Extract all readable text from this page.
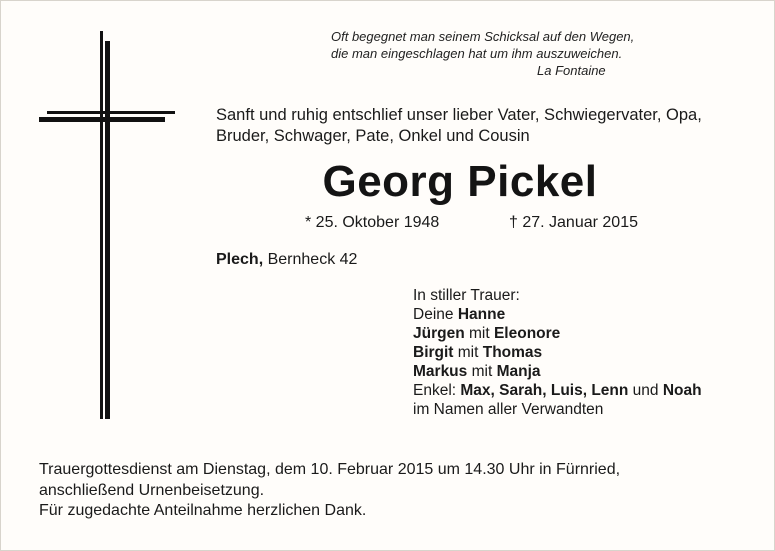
Oft begegnet man seinem Schicksal auf den Wegen,
die man eingeschlagen hat um ihm auszuweichen.
La Fontaine
Sanft und ruhig entschlief unser lieber Vater, Schwiegervater, Opa,
Bruder, Schwager, Pate, Onkel und Cousin
Georg Pickel
* 25. Oktober 1948	† 27. Januar 2015
Plech, Bernheck 42
In stiller Trauer:
Deine Hanne
Jürgen mit Eleonore
Birgit mit Thomas
Markus mit Manja
Enkel: Max, Sarah, Luis, Lenn und Noah
im Namen aller Verwandten
Trauergottesdienst am Dienstag, dem 10. Februar 2015 um 14.30 Uhr in Fürnried,
anschließend Urnenbeisetzung.
Für zugedachte Anteilnahme herzlichen Dank.
